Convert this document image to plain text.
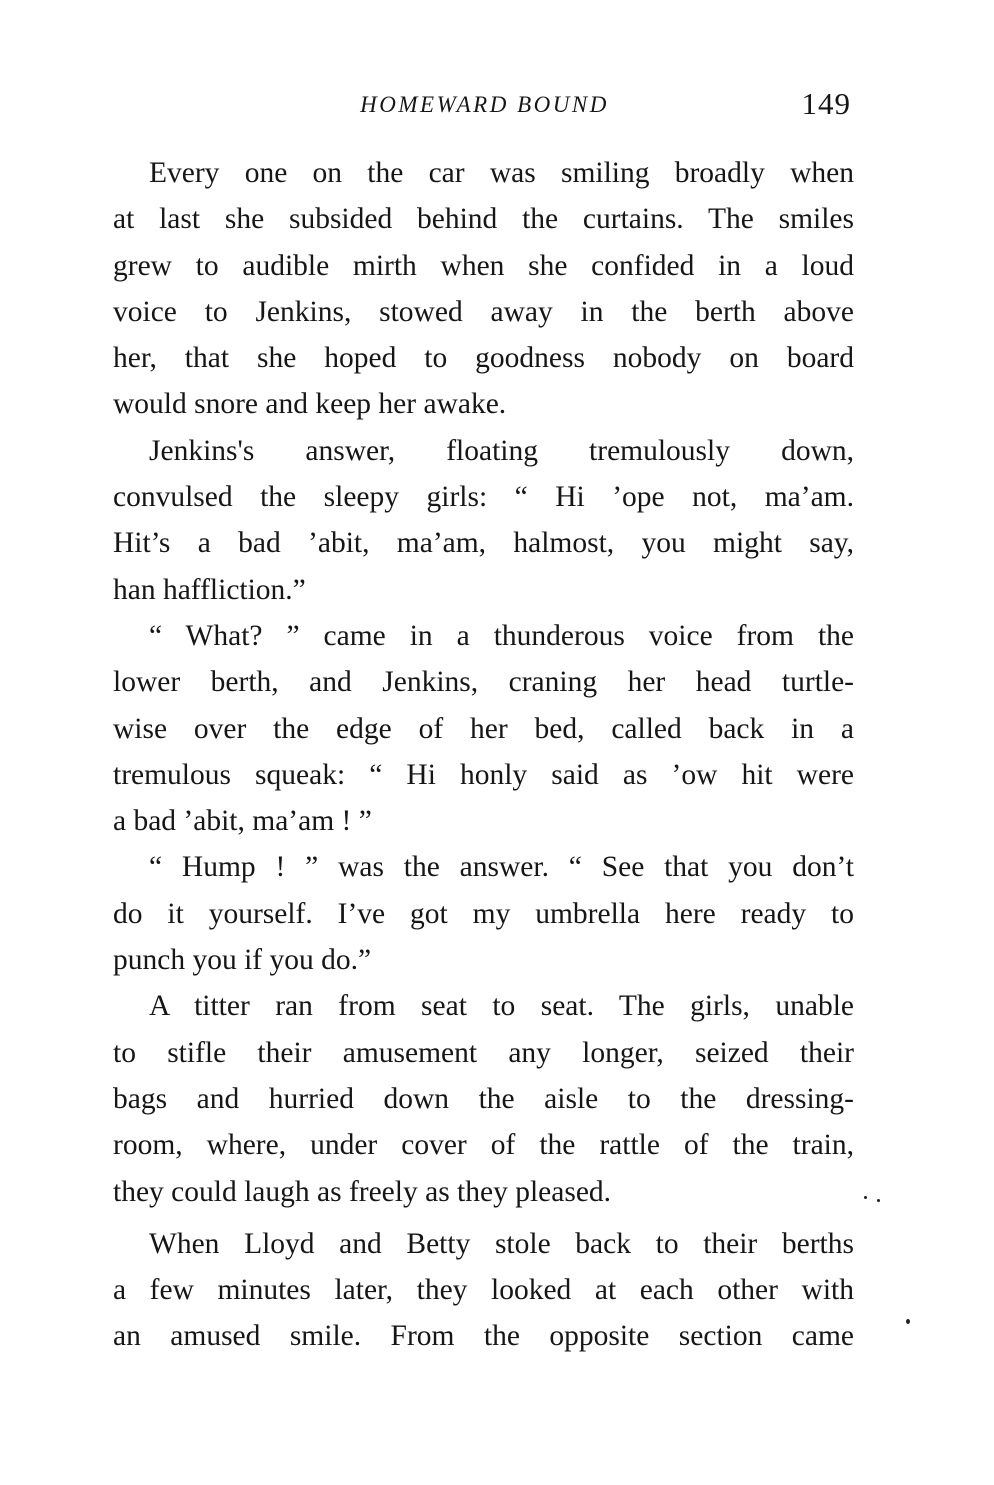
HOMEWARD BOUND	149
Every one on the car was smiling broadly when
at last she subsided behind the curtains. The smiles
grew to audible mirth when she confided in a loud
voice to Jenkins, stowed away in the berth above
her, that she hoped to goodness nobody on board
would snore and keep her awake.
Jenkins's answer, floating tremulously down,
convulsed the sleepy girls: “ Hi ’ope not, ma’am.
Hit’s a bad ’abit, ma’am, halmost, you might say,
han haffliction.”
“ What? ” came in a thunderous voice from the
lower berth, and Jenkins, craning her head turtle-
wise over the edge of her bed, called back in a
tremulous squeak: “ Hi honly said as ’ow hit were
a bad ’abit, ma’am ! ”
“ Hump ! ” was the answer. “ See that you don’t
do it yourself. I’ve got my umbrella here ready to
punch you if you do.”
A titter ran from seat to seat. The girls, unable
to stifle their amusement any longer, seized their
bags and hurried down the aisle to the dressing-
room, where, under cover of the rattle of the train,
they could laugh as freely as they pleased.
When Lloyd and Betty stole back to their berths
a few minutes later, they looked at each other with
an amused smile. From the opposite section came
